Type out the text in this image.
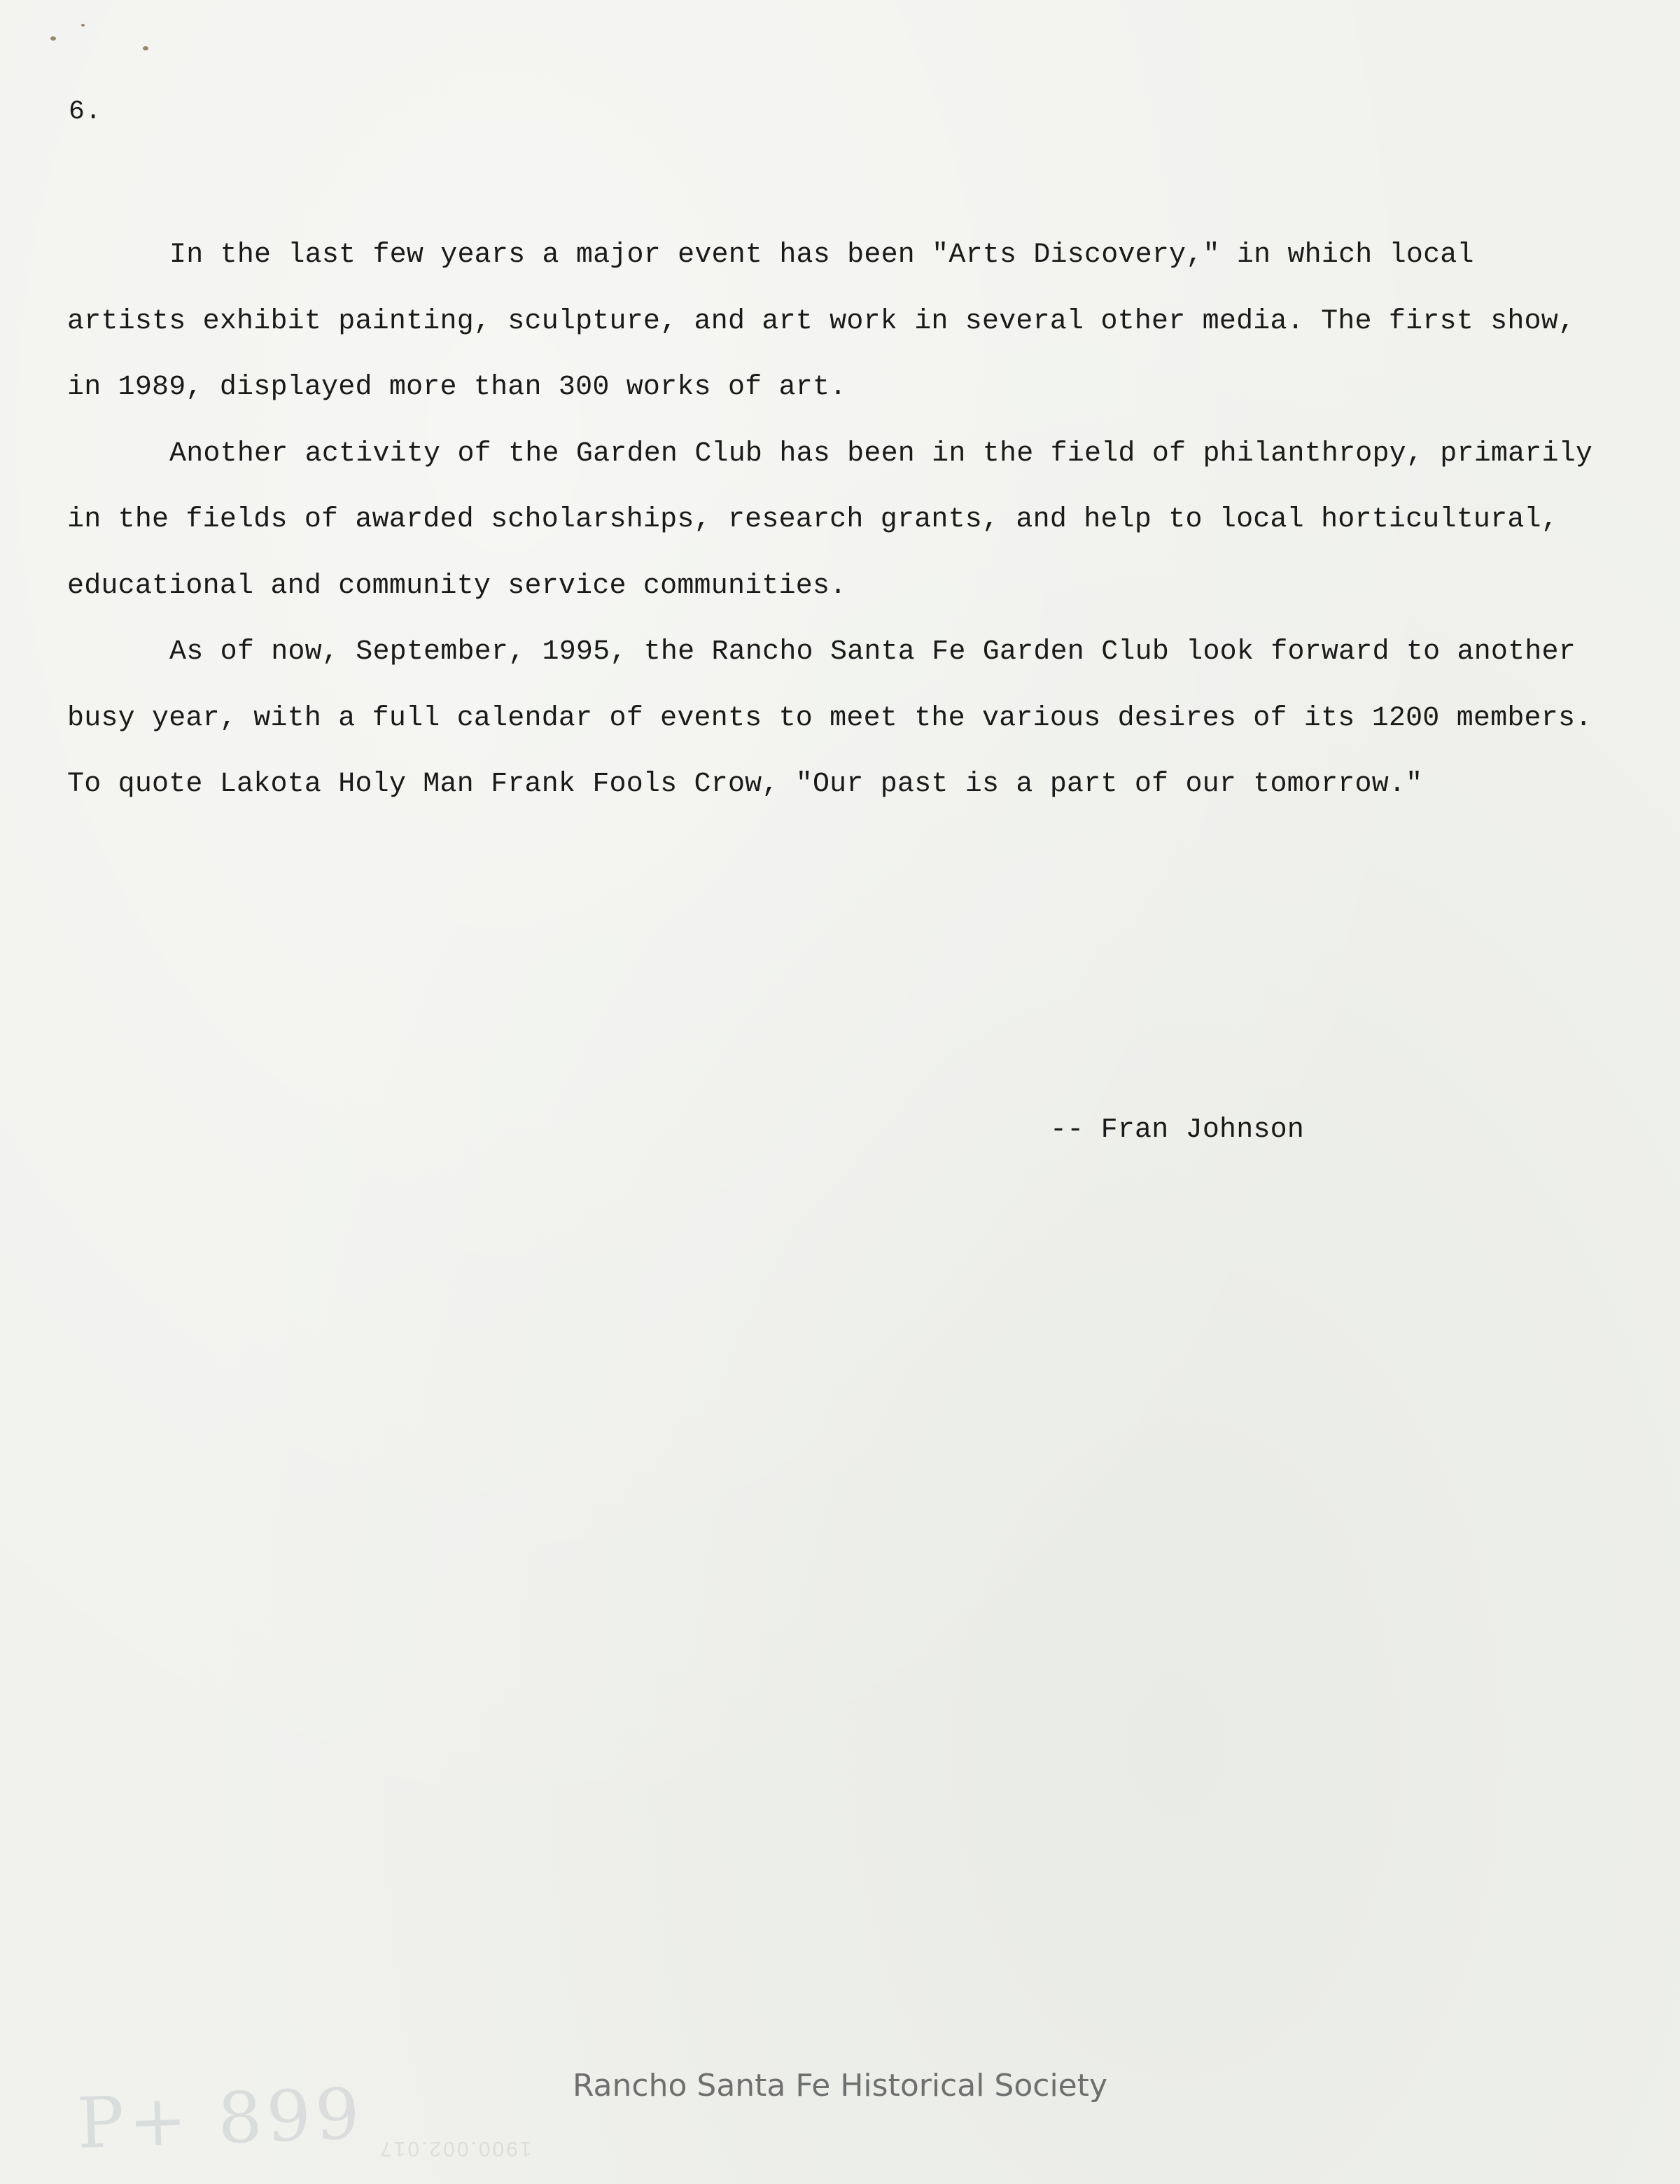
6.

In the last few years a major event has been "Arts Discovery," in which local artists exhibit painting, sculpture, and art work in several other media. The first show, in 1989, displayed more than 300 works of art.

Another activity of the Garden Club has been in the field of philanthropy, primarily in the fields of awarded scholarships, research grants, and help to local horticultural, educational and community service communities.

As of now, September, 1995, the Rancho Santa Fe Garden Club look forward to another busy year, with a full calendar of events to meet the various desires of its 1200 members. To quote Lakota Holy Man Frank Fools Crow, "Our past is a part of our tomorrow."

-- Fran Johnson
P+ 899 1900.002.017
Rancho Santa Fe Historical Society
